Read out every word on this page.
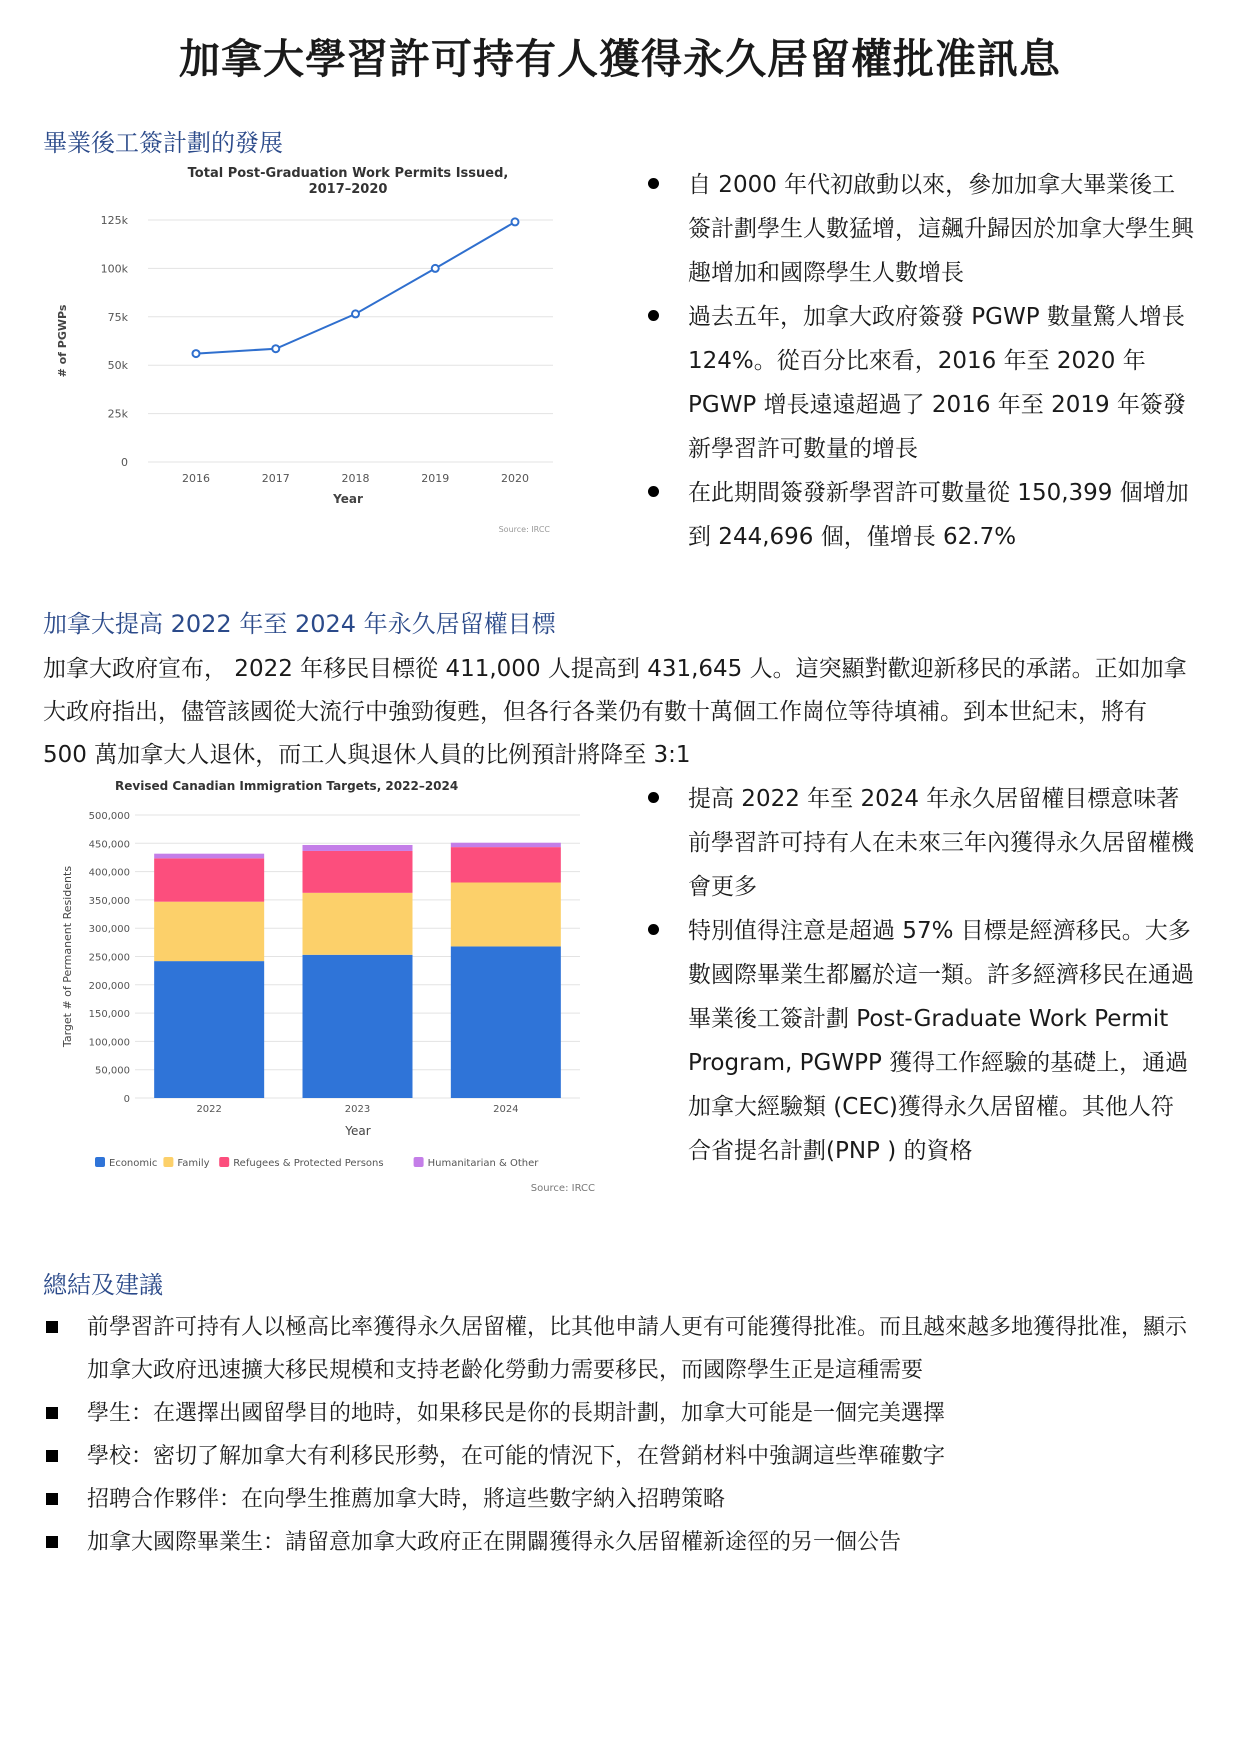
加拿大學習許可持有人獲得永久居留權批准訊息
畢業後工簽計劃的發展
Total Post-Graduation Work Permits Issued,
2017–2020
0
25k
50k
75k
100k
125k
2016	2017	2018	2019	2020
Year
# of PGWPs
Source: IRCC
自 2000 年代初啟動以來，參加加拿大畢業後工簽計劃學生人數猛增，這飆升歸因於加拿大學生興趣增加和國際學生人數增長
過去五年，加拿大政府簽發 PGWP 數量驚人增長 124%。從百分比來看，2016 年至 2020 年 PGWP 增長遠遠超過了 2016 年至 2019 年簽發新學習許可數量的增長
在此期間簽發新學習許可數量從 150,399 個增加到 244,696 個，僅增長 62.7%
加拿大提高 2022 年至 2024 年永久居留權目標

加拿大政府宣布， 2022 年移民目標從 411,000 人提高到 431,645 人。這突顯對歡迎新移民的承諾。正如加拿大政府指出，儘管該國從大流行中強勁復甦，但各行各業仍有數十萬個工作崗位等待填補。到本世紀末，將有 500 萬加拿大人退休，而工人與退休人員的比例預計將降至 3:1

Revised Canadian Immigration Targets, 2022–2024
0
50,000
100,000
150,000
200,000
250,000
300,000
350,000
400,000
450,000
500,000
2022	2023	2024
Year
Target # of Permanent Residents
Economic Family Refugees & Protected Persons	Humanitarian & Other
Source: IRCC
提高 2022 年至 2024 年永久居留權目標意味著前學習許可持有人在未來三年內獲得永久居留權機會更多
特別值得注意是超過 57% 目標是經濟移民。大多數國際畢業生都屬於這一類。許多經濟移民在通過畢業後工簽計劃 Post-Graduate Work Permit Program, PGWPP 獲得工作經驗的基礎上，通過加拿大經驗類 (CEC)獲得永久居留權。其他人符合省提名計劃(PNP ) 的資格
總結及建議
前學習許可持有人以極高比率獲得永久居留權，比其他申請人更有可能獲得批准。而且越來越多地獲得批准，顯示加拿大政府迅速擴大移民規模和支持老齡化勞動力需要移民，而國際學生正是這種需要
學生：在選擇出國留學目的地時，如果移民是你的長期計劃，加拿大可能是一個完美選擇
學校：密切了解加拿大有利移民形勢，在可能的情況下，在營銷材料中強調這些準確數字
招聘合作夥伴：在向學生推薦加拿大時，將這些數字納入招聘策略
加拿大國際畢業生：請留意加拿大政府正在開闢獲得永久居留權新途徑的另一個公告
